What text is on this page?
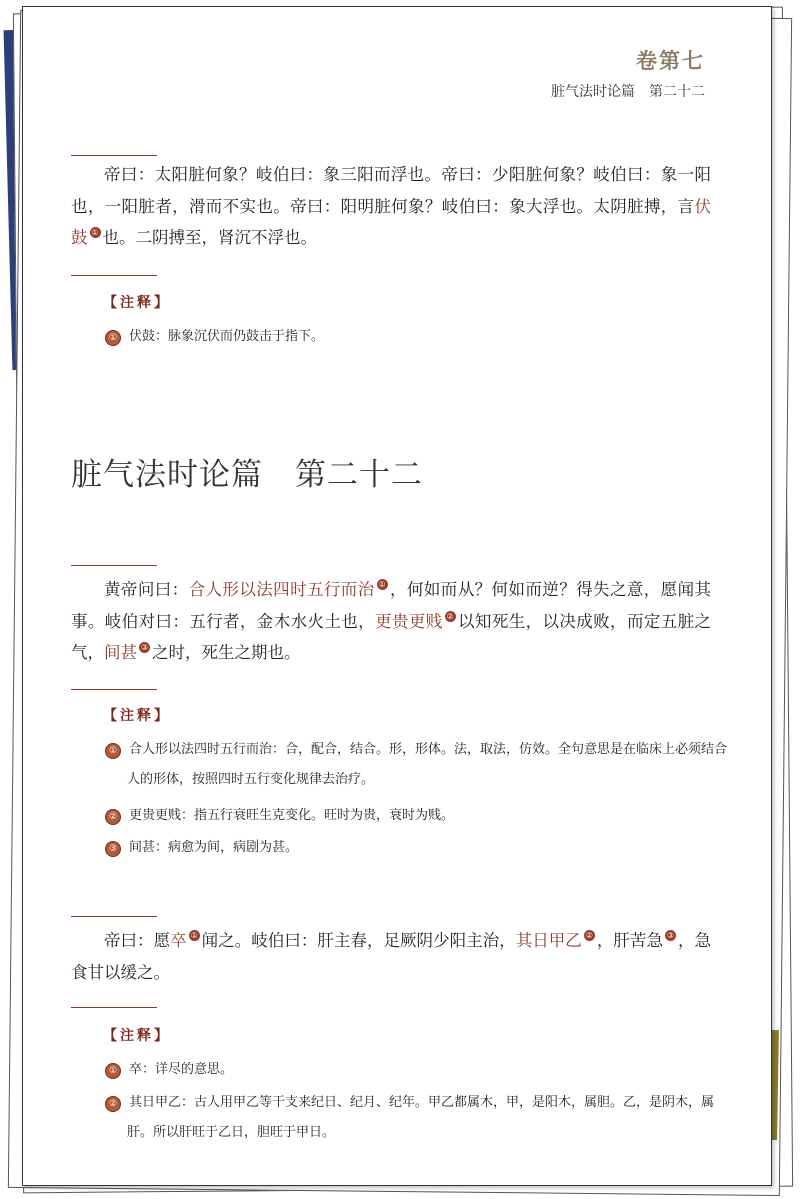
卷第七
脏气法时论篇　第二十二
帝曰：太阳脏何象？岐伯曰：象三阳而浮也。帝曰：少阳脏何象？岐伯曰：象一阳也，一阳脏者，滑而不实也。帝曰：阳明脏何象？岐伯曰：象大浮也。太阴脏搏，言伏鼓 ① 也。二阴搏至，肾沉不浮也。
【注释】
① 伏鼓：脉象沉伏而仍鼓击于指下。
脏气法时论篇　第二十二
黄帝问曰：合人形以法四时五行而治 ① ，何如而从？何如而逆？得失之意，愿闻其事。岐伯对曰：五行者，金木水火土也，更贵更贱 ② 以知死生，以决成败，而定五脏之气，间甚 ③ 之时，死生之期也。
【注释】
① 合人形以法四时五行而治：合，配合，结合。形，形体。法，取法，仿效。全句意思是在临床上必须结合人的形体，按照四时五行变化规律去治疗。
② 更贵更贱：指五行衰旺生克变化。旺时为贵，衰时为贱。
③ 间甚：病愈为间，病剧为甚。
帝曰：愿卒 ① 闻之。岐伯曰：肝主春，足厥阴少阳主治，其日甲乙 ② ，肝苦急 ③ ，急食甘以缓之。
【注释】
① 卒：详尽的意思。
② 其日甲乙：古人用甲乙等干支来纪日、纪月、纪年。甲乙都属木，甲，是阳木，属胆。乙，是阴木，属肝。所以肝旺于乙日，胆旺于甲日。
